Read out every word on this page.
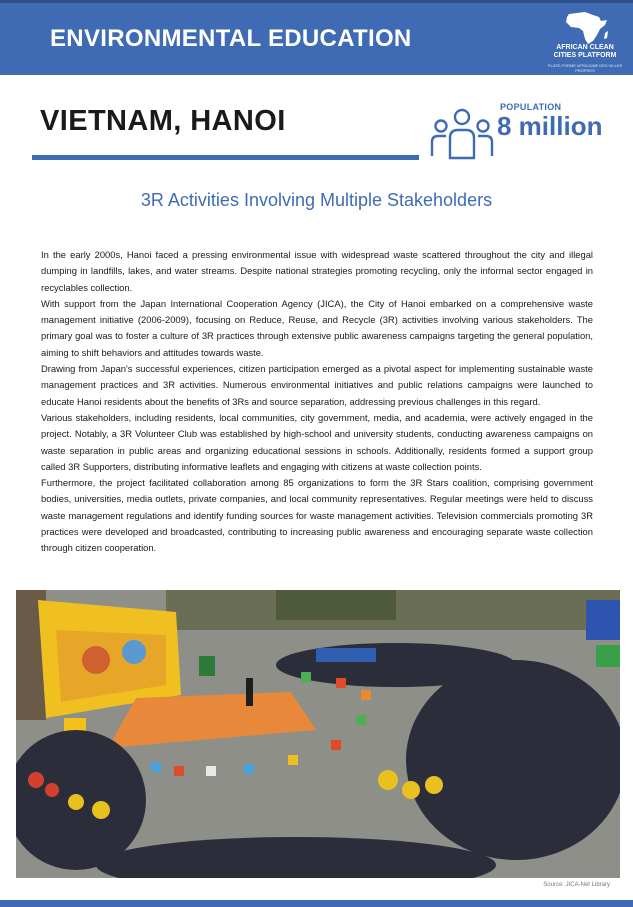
ENVIRONMENTAL EDUCATION	AFRICAN CLEAN
CITIES PLATFORM
PLATE-FORME AFRICAINE DES VILLES PROPRES
VIETNAM, HANOI	POPULATION
8 million
3R Activities Involving Multiple Stakeholders

In the early 2000s, Hanoi faced a pressing environmental issue with widespread waste scattered throughout the city and illegal dumping in landfills, lakes, and water streams. Despite national strategies promoting recycling, only the informal sector engaged in recyclables collection.

With support from the Japan International Cooperation Agency (JICA), the City of Hanoi embarked on a comprehensive waste management initiative (2006-2009), focusing on Reduce, Reuse, and Recycle (3R) activities involving various stakeholders. The primary goal was to foster a culture of 3R practices through extensive public awareness campaigns targeting the general population, aiming to shift behaviors and attitudes towards waste.

Drawing from Japan's successful experiences, citizen participation emerged as a pivotal aspect for implementing sustainable waste management practices and 3R activities. Numerous environmental initiatives and public relations campaigns were launched to educate Hanoi residents about the benefits of 3Rs and source separation, addressing previous challenges in this regard.

Various stakeholders, including residents, local communities, city government, media, and academia, were actively engaged in the project. Notably, a 3R Volunteer Club was established by high-school and university students, conducting awareness campaigns on waste separation in public areas and organizing educational sessions in schools. Additionally, residents formed a support group called 3R Supporters, distributing informative leaflets and engaging with citizens at waste collection points.

Furthermore, the project facilitated collaboration among 85 organizations to form the 3R Stars coalition, comprising government bodies, universities, media outlets, private companies, and local community representatives. Regular meetings were held to discuss waste management regulations and identify funding sources for waste management activities. Television commercials promoting 3R practices were developed and broadcasted, contributing to increasing public awareness and encouraging separate waste collection through citizen cooperation.

Source: JICA-Net Library
